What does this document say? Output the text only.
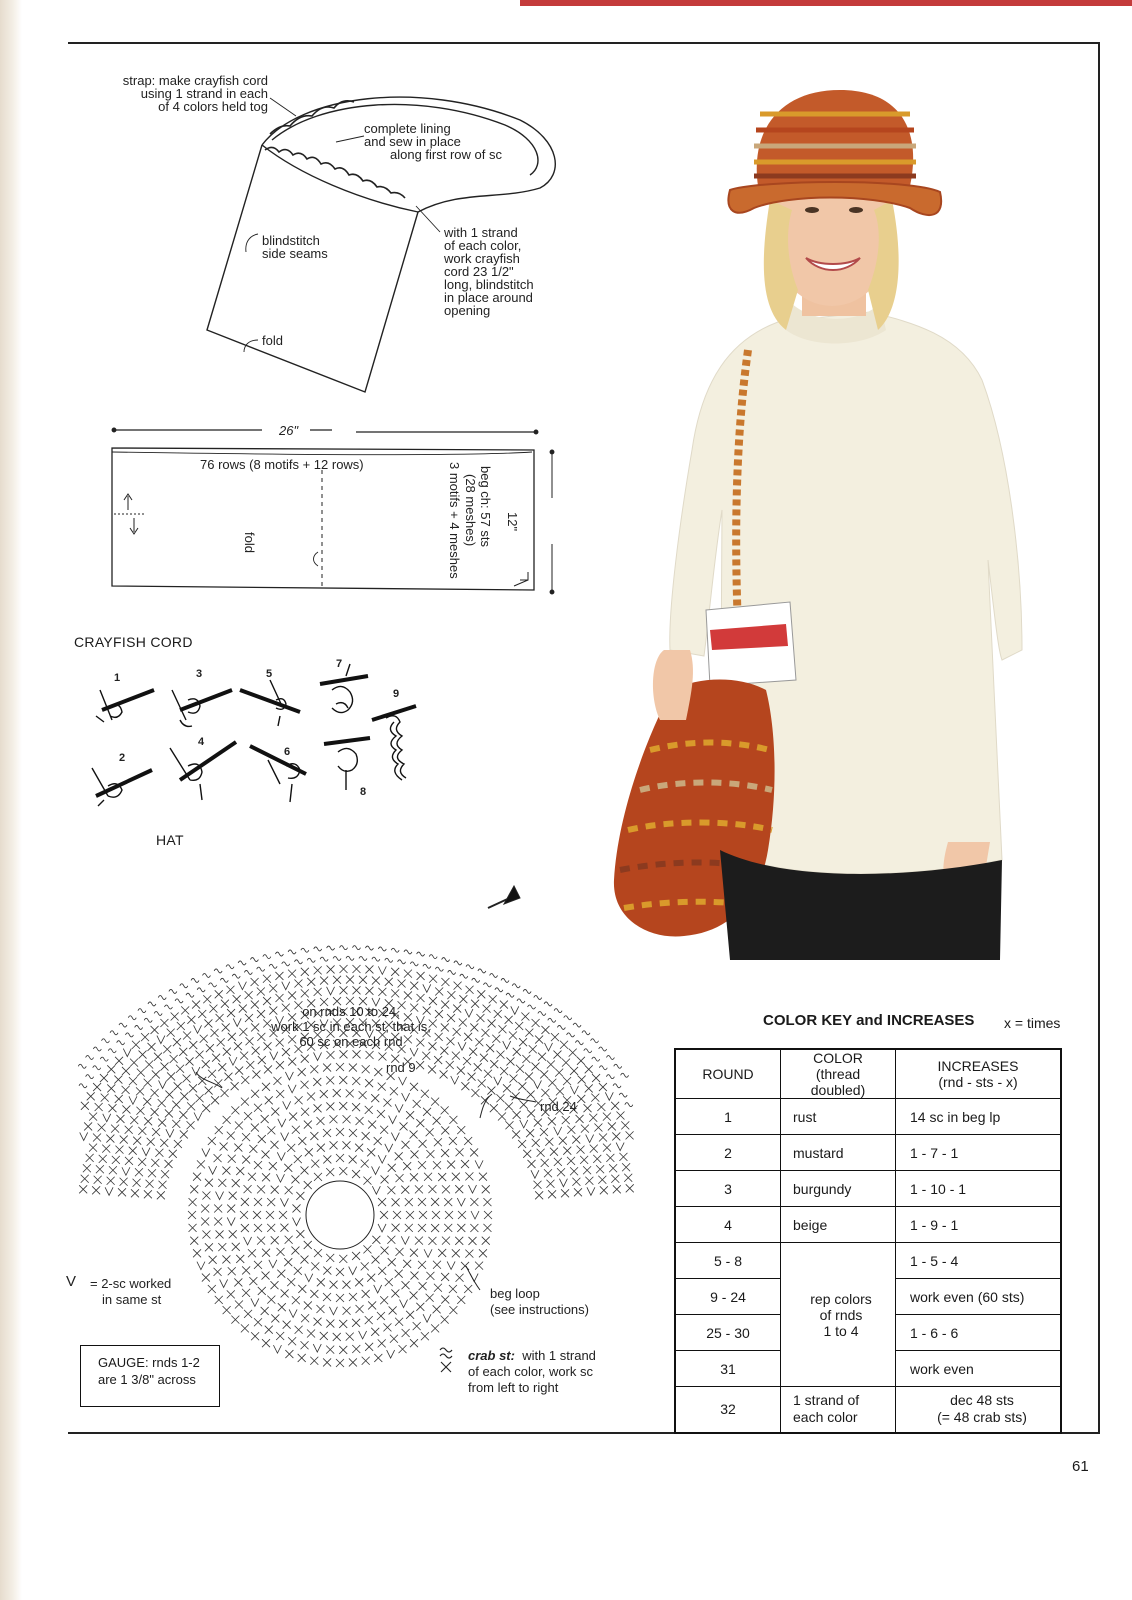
strap: make crayfish cord
using 1 strand in each
of 4 colors held tog
complete lining
and sew in place
along first row of sc
blindstitch
side seams
fold
with 1 strand
of each color,
work crayfish
cord 23 1/2"
long, blindstitch
in place around
opening
26"
76 rows (8 motifs + 12 rows)
fold
12"
beg ch: 57 sts
(28 meshes)
3 motifs + 4 meshes
CRAYFISH CORD
1
2
3
4
5
6
7
8
9
HAT
on rnds 10 to 24,
work 1 sc in each st, that is,
60 sc on each rnd
rnd 9
rnd 24
beg loop
(see instructions)
V = 2-sc worked
in same st
GAUGE: rnds 1-2 are 1 3/8" across
crab st: with 1 strand
of each color, work sc
from left to right
COLOR KEY and INCREASES x = times
ROUND	COLOR
(thread doubled)	INCREASES
(rnd - sts - x)
1	rust	14 sc in beg lp
2	mustard	1 - 7 - 1
3	burgundy	1 - 10 - 1
4	beige	1 - 9 - 1
5 - 8	rep colors
of rnds
1 to 4	1 - 5 - 4
9 - 24		work even (60 sts)
25 - 30		1 - 6 - 6
31		work even
32	1 strand of
each color	dec 48 sts
(= 48 crab sts)
61
